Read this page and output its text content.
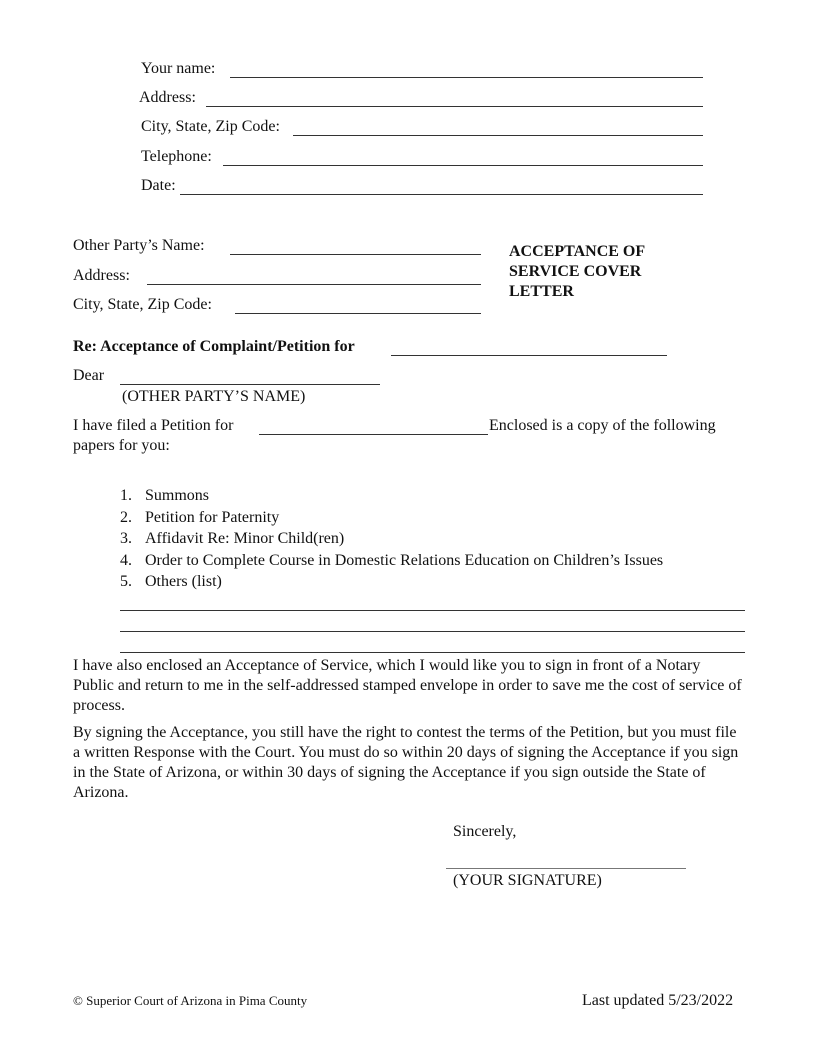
Your name:
Address:
City, State, Zip Code:
Telephone:
Date:
Other Party’s Name:
Address:
City, State, Zip Code:
ACCEPTANCE OF
SERVICE COVER
LETTER
Re: Acceptance of Complaint/Petition for
Dear
(OTHER PARTY’S NAME)
I have filed a Petition for	Enclosed is a copy of the following
papers for you:
1. Summons
2. Petition for Paternity
3. Affidavit Re: Minor Child(ren)
4. Order to Complete Course in Domestic Relations Education on Children’s Issues
5. Others (list)
I have also enclosed an Acceptance of Service, which I would like you to sign in front of a Notary Public and return to me in the self-addressed stamped envelope in order to save me the cost of service of process.
By signing the Acceptance, you still have the right to contest the terms of the Petition, but you must file a written Response with the Court. You must do so within 20 days of signing the Acceptance if you sign in the State of Arizona, or within 30 days of signing the Acceptance if you sign outside the State of Arizona.
Sincerely,
(YOUR SIGNATURE)
© Superior Court of Arizona in Pima County	Last updated 5/23/2022
